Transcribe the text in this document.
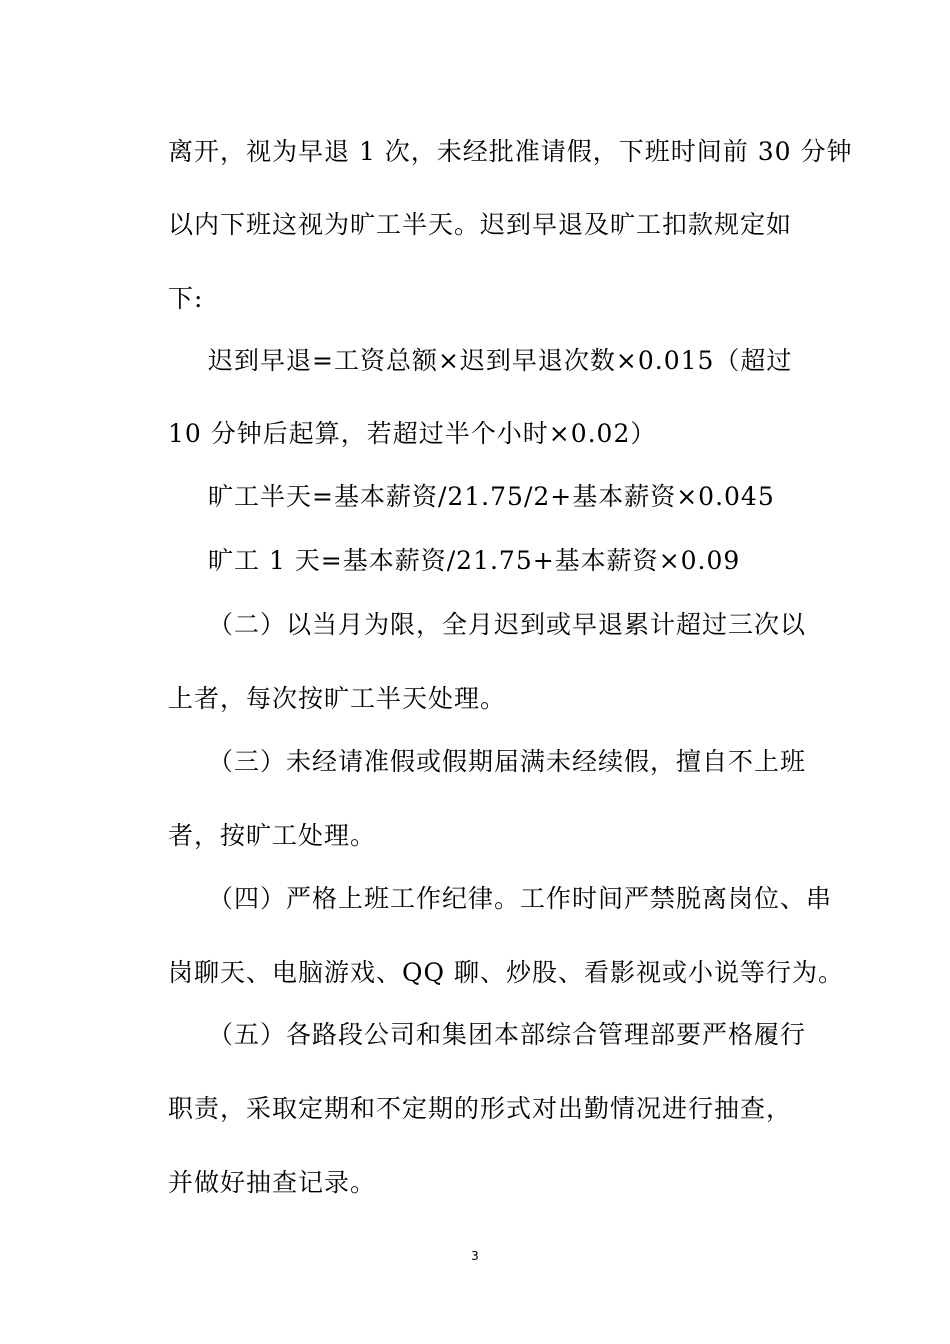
离开，视为早退 1 次，未经批准请假，下班时间前 30 分钟
以内下班这视为旷工半天。迟到早退及旷工扣款规定如
下:
迟到早退=工资总额×迟到早退次数×0.015（超过
10 分钟后起算，若超过半个小时×0.02）
旷工半天=基本薪资/21.75/2+基本薪资×0.045
旷工 1 天=基本薪资/21.75+基本薪资×0.09
（二）以当月为限，全月迟到或早退累计超过三次以
上者，每次按旷工半天处理。
（三）未经请准假或假期届满未经续假，擅自不上班
者，按旷工处理。
（四）严格上班工作纪律。工作时间严禁脱离岗位、串
岗聊天、电脑游戏、QQ 聊、炒股、看影视或小说等行为。
（五）各路段公司和集团本部综合管理部要严格履行
职责，采取定期和不定期的形式对出勤情况进行抽查，
并做好抽查记录。
3
